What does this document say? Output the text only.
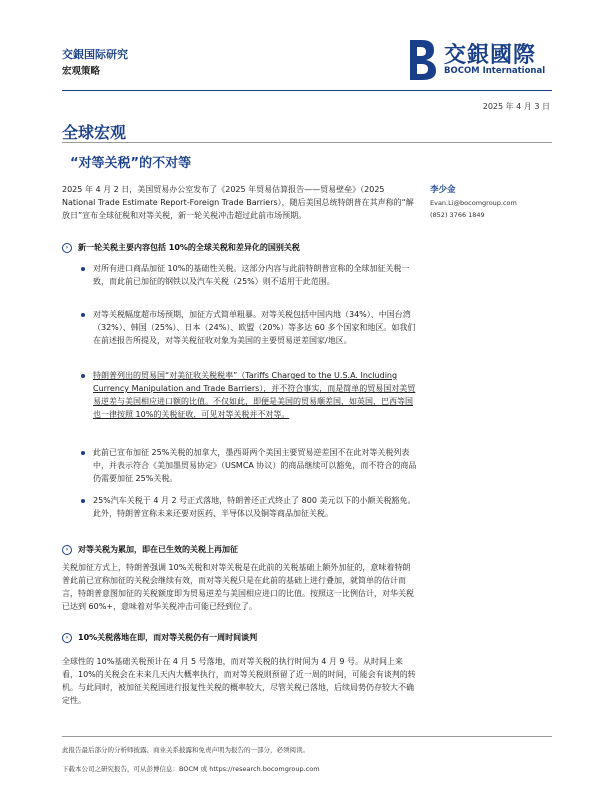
交銀国际研究
宏观策略
交銀國際
BOCOM International
2025 年 4 月 3 日
全球宏观
“对等关税”的不对等
2025 年 4 月 2 日，美国贸易办公室发布了《2025 年贸易估算报告——贸易壁垒》（2025 National Trade Estimate Report-Foreign Trade Barriers），随后美国总统特朗普在其声称的“解放日”宣布全球征税和对等关税，新一轮关税冲击超过此前市场预期。
李少金
Evan.Li@bocomgroup.com
(852) 3766 1849
› 新一轮关税主要内容包括 10%的全球关税和差异化的国别关税
对所有进口商品加征 10%的基础性关税。这部分内容与此前特朗普宣称的全球加征关税一致，而此前已加征的钢铁以及汽车关税（25%）则不适用于此范围。
对等关税幅度超市场预期，加征方式简单粗暴。对等关税包括中国内地（34%）、中国台湾（32%）、韩国（25%）、日本（24%）、欧盟（20%）等多达 60 多个国家和地区。如我们在前述报告所提及，对等关税征收对象为美国的主要贸易逆差国家/地区。
特朗普列出的贸易国“对美征收关税税率”（Tariffs Charged to the U.S.A. Including Currency Manipulation and Trade Barriers），并不符合事实，而是简单的贸易国对美贸易逆差与美国相应进口额的比值。不仅如此，即便是美国的贸易顺差国，如英国，巴西等国也一律按照 10%的关税征收，可见对等关税并不对等。
此前已宣布加征 25%关税的加拿大，墨西哥两个美国主要贸易逆差国不在此对等关税列表中，并表示符合《美加墨贸易协定》（USMCA 协议）的商品继续可以豁免，而不符合的商品仍需要加征 25%关税。
25%汽车关税于 4 月 2 号正式落地，特朗普还正式终止了 800 美元以下的小额关税豁免。此外，特朗普宣称未来还要对医药、半导体以及铜等商品加征关税。
› 对等关税为累加，即在已生效的关税上再加征
关税加征方式上，特朗普强调 10%关税和对等关税是在此前的关税基础上额外加征的，意味着特朗普此前已宣称加征的关税会继续有效，而对等关税只是在此前的基础上进行叠加，就简单的估计而言，特朗普意图加征的关税额度即为贸易逆差与美国相应进口的比值。按照这一比例估计，对华关税已达到 60%+，意味着对华关税冲击可能已经到位了。
› 10%关税落地在即，而对等关税仍有一周时间谈判
全球性的 10%基础关税预计在 4 月 5 号落地，而对等关税的执行时间为 4 月 9 号。从时间上来看，10%的关税会在未来几天内大概率执行，而对等关税则预留了近一周的时间，可能会有谈判的转机。与此同时，被加征关税国进行报复性关税的概率较大，尽管关税已落地，后续局势仍存较大不确定性。
此报告最后部分的分析师披露、商业关系披露和免责声明为报告的一部分，必须阅读。
下载本公司之研究报告，可从彭博信息：BOCM 或 https://research.bocomgroup.com
